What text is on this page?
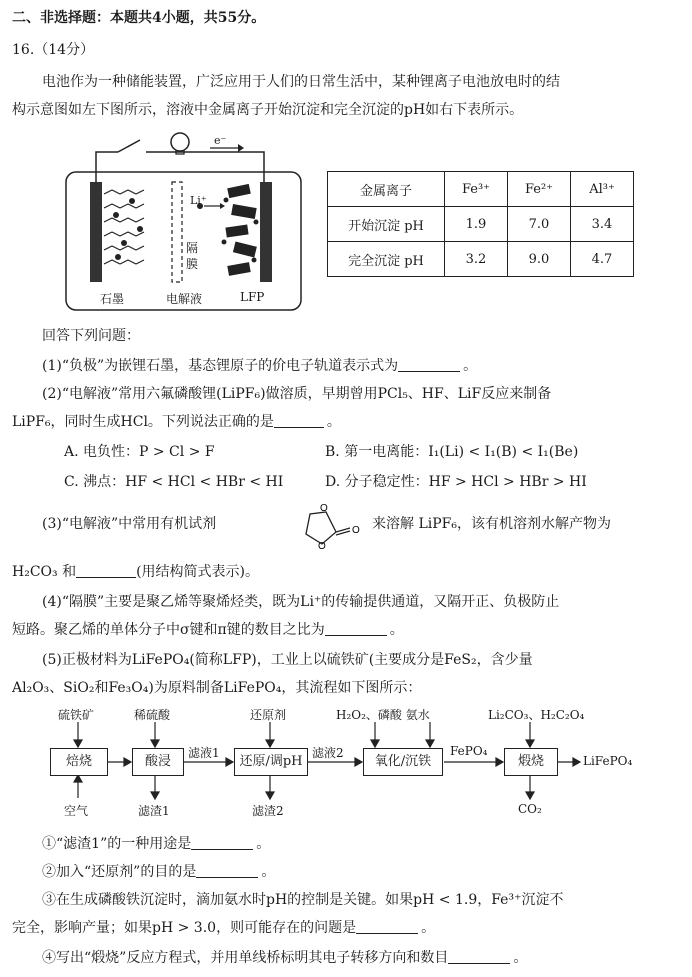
二、非选择题：本题共4小题，共55分。
16.（14分）
电池作为一种储能装置，广泛应用于人们的日常生活中，某种锂离子电池放电时的结
构示意图如左下图所示，溶液中金属离子开始沉淀和完全沉淀的pH如右下表所示。
e⁻
Li⁺
隔膜
石墨	电解液	LFP
金属离子	Fe³⁺	Fe²⁺	Al³⁺
开始沉淀 pH	1.9	7.0	3.4
完全沉淀 pH	3.2	9.0	4.7
回答下列问题：
(1)“负极”为嵌锂石墨，基态锂原子的价电子轨道表示式为	。
(2)“电解液”常用六氟磷酸锂(LiPF₆)做溶质，早期曾用PCl₅、HF、LiF反应来制备
LiPF₆，同时生成HCl。下列说法正确的是	。
A. 电负性：P > Cl > F	B. 第一电离能：I₁(Li) < I₁(B) < I₁(Be)
C. 沸点：HF < HCl < HBr < HI	D. 分子稳定性：HF > HCl > HBr > HI
(3)“电解液”中常用有机试剂
O
O
O 来溶解 LiPF₆，该有机溶剂水解产物为
H₂CO₃ 和	(用结构简式表示)。
(4)“隔膜”主要是聚乙烯等聚烯烃类，既为Li⁺的传输提供通道，又隔开正、负极防止
短路。聚乙烯的单体分子中σ键和π键的数目之比为	。
(5)正极材料为LiFePO₄(简称LFP)，工业上以硫铁矿(主要成分是FeS₂，含少量
Al₂O₃、SiO₂和Fe₃O₄)为原料制备LiFePO₄，其流程如下图所示：
硫铁矿	稀硫酸	还原剂	H₂O₂、磷酸 氨水	Li₂CO₃、H₂C₂O₄
焙烧	酸浸	还原/调pH	氧化/沉铁	煅烧
滤液1	滤液2	FePO₄
LiFePO₄
空气	滤渣1	滤渣2	CO₂
①“滤渣1”的一种用途是	。
②加入“还原剂”的目的是	。
③在生成磷酸铁沉淀时，滴加氨水时pH的控制是关键。如果pH < 1.9，Fe³⁺沉淀不
完全，影响产量；如果pH > 3.0，则可能存在的问题是	。
④写出“煅烧”反应方程式，并用单线桥标明其电子转移方向和数目	。
